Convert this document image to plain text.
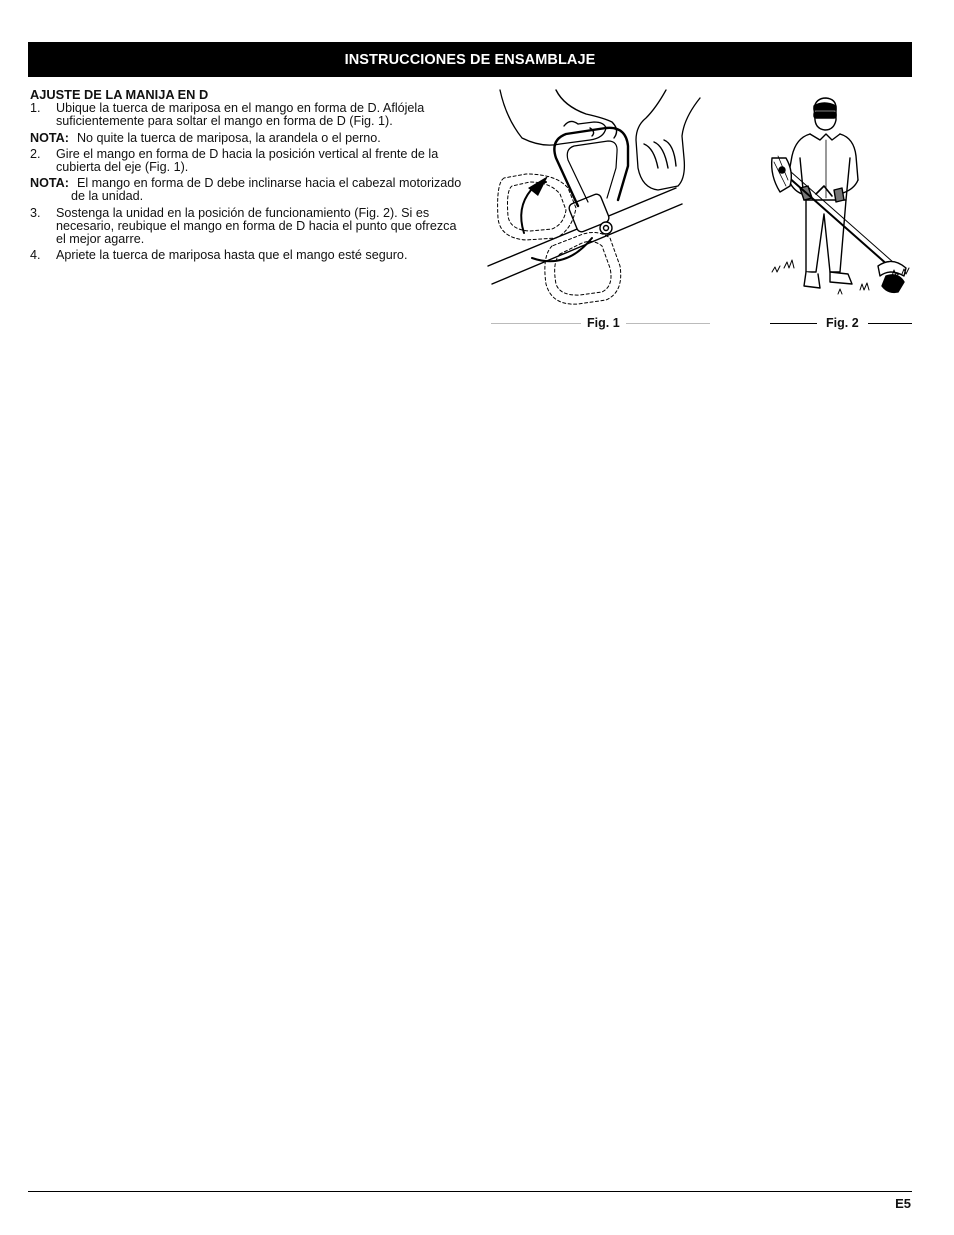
INSTRUCCIONES DE ENSAMBLAJE
AJUSTE DE LA MANIJA EN D
1.	Ubique la tuerca de mariposa en el mango en forma de D. Aflójela suficientemente para soltar el mango en forma de D (Fig. 1).
NOTA: No quite la tuerca de mariposa, la arandela o el perno.
2.	Gire el mango en forma de D hacia la posición vertical al frente de la cubierta del eje (Fig. 1).
NOTA: El mango en forma de D debe inclinarse hacia el cabezal motorizado de la unidad.
3.	Sostenga la unidad en la posición de funcionamiento (Fig. 2). Si es necesario, reubique el mango en forma de D hacia el punto que ofrezca el mejor agarre.
4.	Apriete la tuerca de mariposa hasta que el mango esté seguro.
Fig. 1	Fig. 2
E5
